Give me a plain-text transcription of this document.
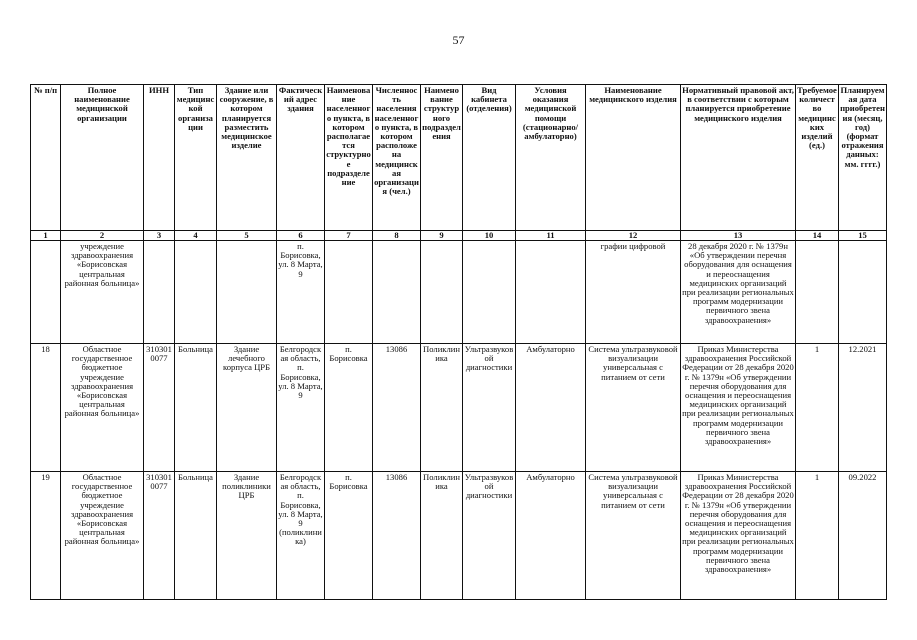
57
№ п/п	Полное наименование медицинской организации	ИНН	Тип медицинской организации	Здание или сооружение, в котором планируется разместить медицинское изделие	Фактический адрес здания	Наименование населенного пункта, в котором располагается структурное подразделение	Численность населения населенного пункта, в котором расположена медицинская организация (чел.)	Наименование структурного подразделения	Вид кабинета (отделения)	Условия оказания медицинской помощи (стационарно/амбулаторно)	Наименование медицинского изделия	Нормативный правовой акт, в соответствии с которым планируется приобретение медицинского изделия	Требуемое количество медицинских изделий (ед.)	Планируемая дата приобретения (месяц, год) (формат отражения данных: мм. гггг.)
1	2	3	4	5	6	7	8	9	10	11	12	13	14	15
	учреждение здравоохранения «Борисовская центральная районная больница»				п. Борисовка, ул. 8 Марта, 9						графии цифровой	28 декабря 2020 г. № 1379н «Об утверждении перечня оборудования для оснащения и переоснащения медицинских организаций при реализации региональных программ модернизации первичного звена здравоохранения»		
18	Областное государственное бюджетное учреждение здравоохранения «Борисовская центральная районная больница»	3103010077	Больница	Здание лечебного корпуса ЦРБ	Белгородская область, п. Борисовка, ул. 8 Марта, 9	п. Борисовка	13086	Поликлиника	Ультразвуковой диагностики	Амбулаторно	Система ультразвуковой визуализации универсальная с питанием от сети	Приказ Министерства здравоохранения Российской Федерации от 28 декабря 2020 г. № 1379н «Об утверждении перечня оборудования для оснащения и переоснащения медицинских организаций при реализации региональных программ модернизации первичного звена здравоохранения»	1	12.2021
19	Областное государственное бюджетное учреждение здравоохранения «Борисовская центральная районная больница»	3103010077	Больница	Здание поликлиники ЦРБ	Белгородская область, п. Борисовка, ул. 8 Марта, 9 (поликлиника)	п. Борисовка	13086	Поликлиника	Ультразвуковой диагностики	Амбулаторно	Система ультразвуковой визуализации универсальная с питанием от сети	Приказ Министерства здравоохранения Российской Федерации от 28 декабря 2020 г. № 1379н «Об утверждении перечня оборудования для оснащения и переоснащения медицинских организаций при реализации региональных программ модернизации первичного звена здравоохранения»	1	09.2022
